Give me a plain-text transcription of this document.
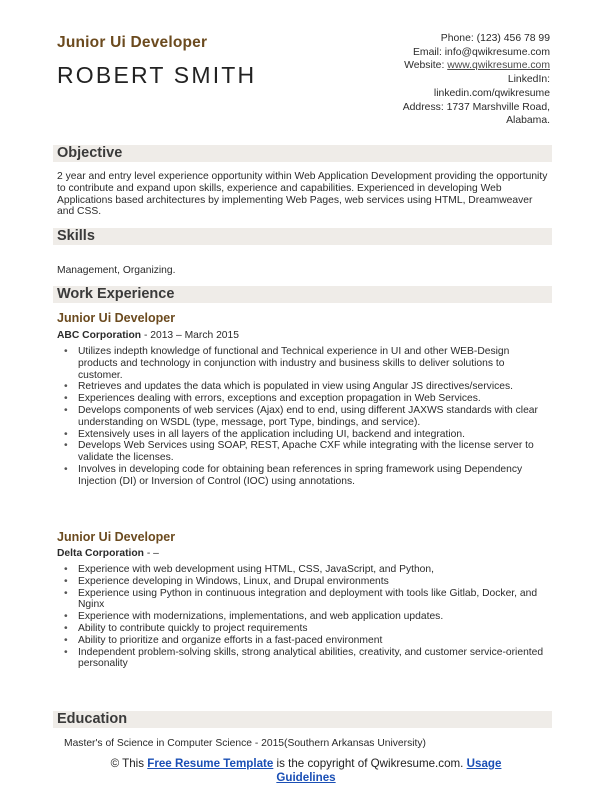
Junior Ui Developer
ROBERT SMITH
Phone: (123) 456 78 99
Email: info@qwikresume.com
Website: www.qwikresume.com
LinkedIn:
linkedin.com/qwikresume
Address: 1737 Marshville Road,
Alabama.
Objective
2 year and entry level experience opportunity within Web Application Development providing the opportunity to contribute and expand upon skills, experience and capabilities. Experienced in developing Web Applications based architectures by implementing Web Pages, web services using HTML, Dreamweaver and CSS.
Skills
Management, Organizing.
Work Experience
Junior Ui Developer
ABC Corporation - 2013 – March 2015
• Utilizes indepth knowledge of functional and Technical experience in UI and other WEB-Design products and technology in conjunction with industry and business skills to deliver solutions to customer.
• Retrieves and updates the data which is populated in view using Angular JS directives/services.
• Experiences dealing with errors, exceptions and exception propagation in Web Services.
• Develops components of web services (Ajax) end to end, using different JAXWS standards with clear understanding on WSDL (type, message, port Type, bindings, and service).
• Extensively uses in all layers of the application including UI, backend and integration.
• Develops Web Services using SOAP, REST, Apache CXF while integrating with the license server to validate the licenses.
• Involves in developing code for obtaining bean references in spring framework using Dependency Injection (DI) or Inversion of Control (IOC) using annotations.
Junior Ui Developer
Delta Corporation - –
• Experience with web development using HTML, CSS, JavaScript, and Python,
• Experience developing in Windows, Linux, and Drupal environments
• Experience using Python in continuous integration and deployment with tools like Gitlab, Docker, and Nginx
• Experience with modernizations, implementations, and web application updates.
• Ability to contribute quickly to project requirements
• Ability to prioritize and organize efforts in a fast-paced environment
• Independent problem-solving skills, strong analytical abilities, creativity, and customer service-oriented personality
Education
Master's of Science in Computer Science - 2015(Southern Arkansas University)
© This Free Resume Template is the copyright of Qwikresume.com. Usage
Guidelines
